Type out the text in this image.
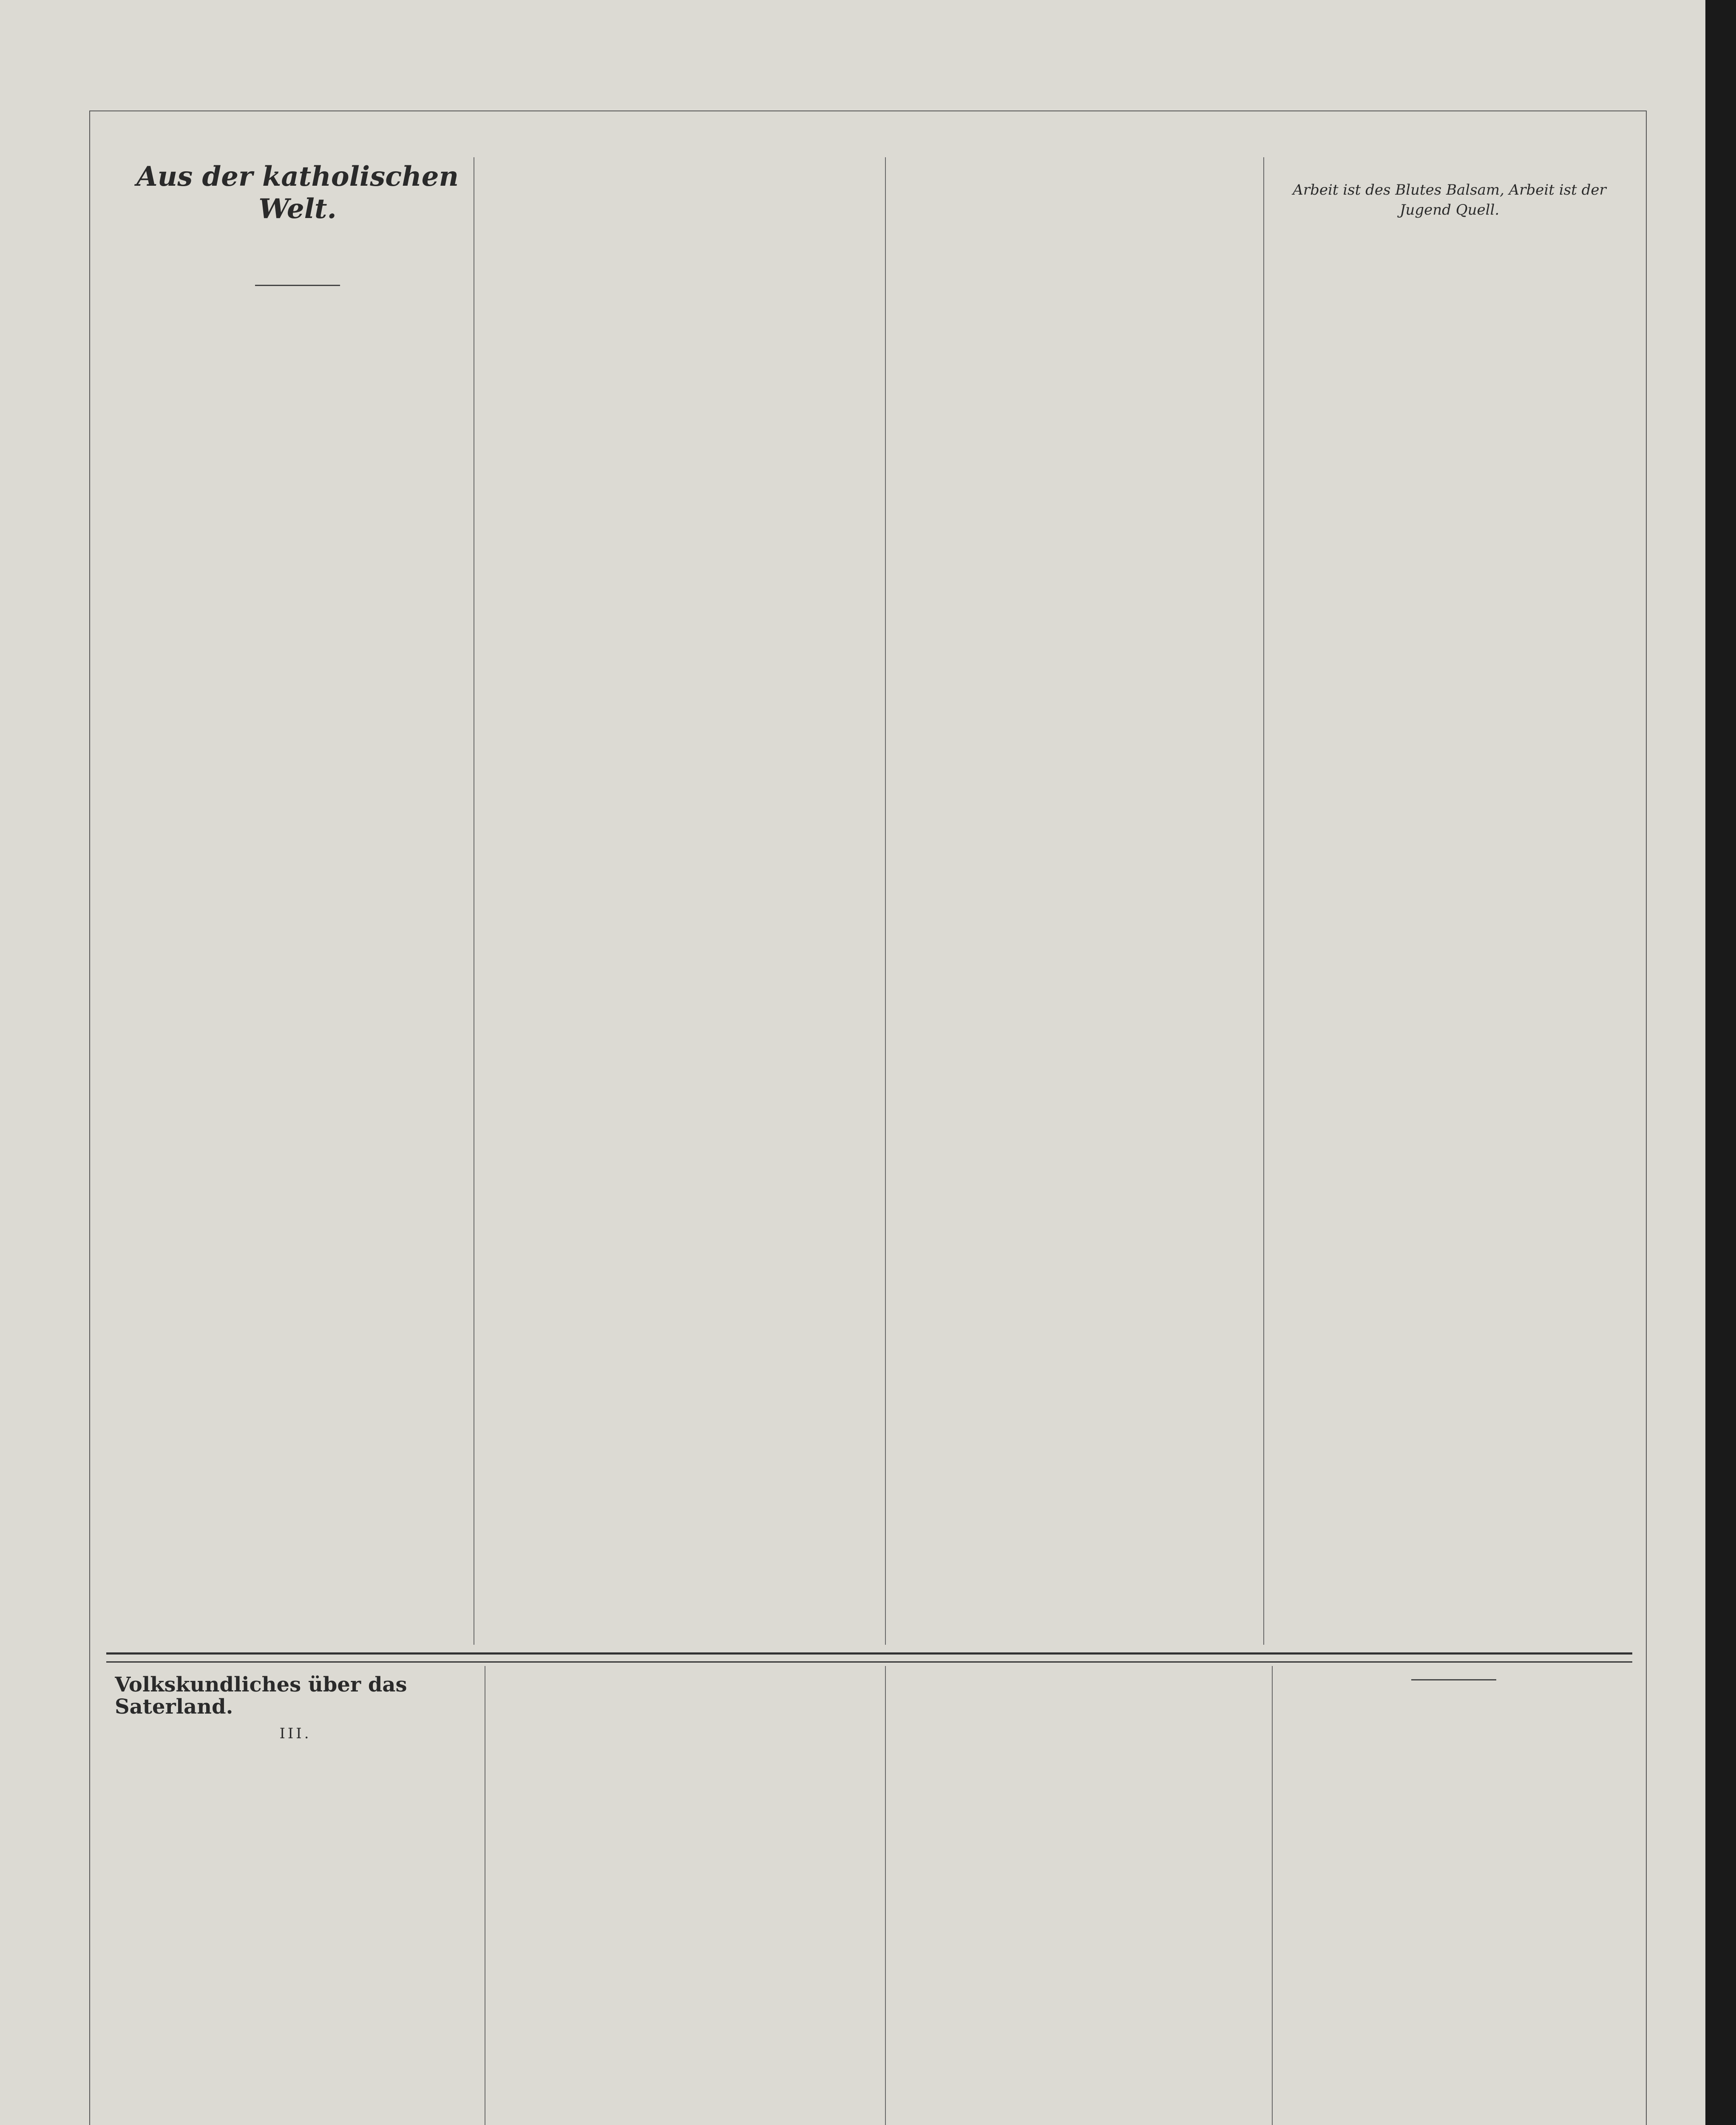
Aus der katholischen Welt.

Arbeit ist des Blutes Balsam, Arbeit ist der Jugend Quell.

Volkskundliches über das Saterland.
III.
